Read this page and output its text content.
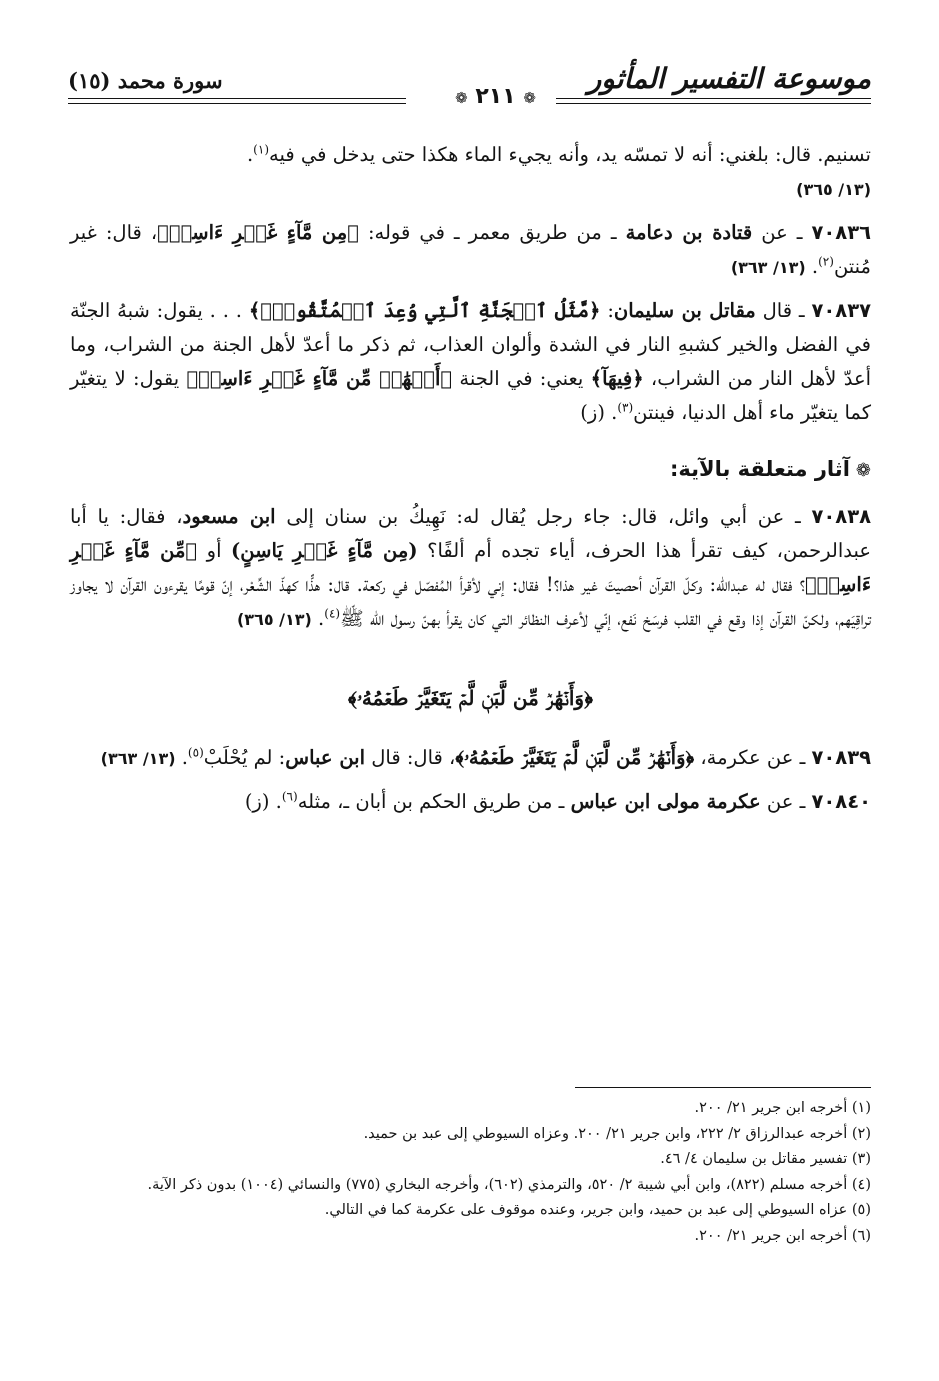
موسوعة التفسير المأثور
❁ ٢١١ ❁
سورة محمد (١٥)

تسنيم. قال: بلغني: أنه لا تمسّه يد، وأنه يجيء الماء هكذا حتى يدخل في فيه$^{(١)}$.
(١٣/ ٣٦٥)

٧٠٨٣٦ ـ عن قتادة بن دعامة ـ من طريق معمر ـ في قوله: ﴿مِن مَّآءٍ غَيۡرِ ءَاسِنٖ﴾، قال: غير مُنتن$^{(٢)}$. (١٣/ ٣٦٣)

٧٠٨٣٧ ـ قال مقاتل بن سليمان: ﴿مَّثَلُ ٱلۡجَنَّةِ ٱلَّتِي وُعِدَ ٱلۡمُتَّقُونَۖ﴾ . . . يقول: شبهُ الجنّة في الفضل والخير كشبهِ النار في الشدة وألوان العذاب، ثم ذكر ما أعدّ لأهل الجنة من الشراب، وما أعدّ لأهل النار من الشراب، ﴿فِيهَآ﴾ يعني: في الجنة ﴿أَنۡهَٰرٞ مِّن مَّآءٍ غَيۡرِ ءَاسِنٖ﴾ يقول: لا يتغيّر كما يتغيّر ماء أهل الدنيا، فينتن$^{(٣)}$. (ز)

❁آثار متعلقة بالآية:

٧٠٨٣٨ ـ عن أبي وائل، قال: جاء رجل يُقال له: نَهِيكُ بن سنان إلى ابن مسعود، فقال: يا أبا عبدالرحمن، كيف تقرأ هذا الحرف، أياء تجده أم ألفًا؟ (مِن مَّآءٍ غَيۡرِ يَاسِنٍ) أو ﴿مِّن مَّآءٍ غَيۡرِ ءَاسِنٖ﴾؟ فقال له عبدالله: وكلّ القرآن أحصيتَ غير هذا؟! فقال: إني لأقرأ المُفصّل في ركعة. قال: هذًّا كهذّ الشِّعْر، إنّ قومًا يقرءون القرآن لا يجاوز تراقِيَهم، ولكنّ القرآن إذا وقع في القلب فرسَخ نَفع، إنّي لأعرف النظائر التي كان يقرأ بهنّ رسول الله ﷺ$^{(٤)}$. (١٣/ ٣٦٥)

﴿وَأَنۡهَٰرٞ مِّن لَّبَنٖ لَّمۡ يَتَغَيَّرۡ طَعۡمُهُۥ﴾

٧٠٨٣٩ ـ عن عكرمة، ﴿وَأَنۡهَٰرٞ مِّن لَّبَنٖ لَّمۡ يَتَغَيَّرۡ طَعۡمُهُۥ﴾، قال: قال ابن عباس: لم يُحْلَبْ$^{(٥)}$. (١٣/ ٣٦٣)

٧٠٨٤٠ ـ عن عكرمة مولى ابن عباس ـ من طريق الحكم بن أبان ـ، مثله$^{(٦)}$. (ز)

(١) أخرجه ابن جرير ٢١/ ٢٠٠.

(٢) أخرجه عبدالرزاق ٢/ ٢٢٢، وابن جرير ٢١/ ٢٠٠. وعزاه السيوطي إلى عبد بن حميد.

(٣) تفسير مقاتل بن سليمان ٤/ ٤٦.

(٤) أخرجه مسلم (٨٢٢)، وابن أبي شيبة ٢/ ٥٢٠، والترمذي (٦٠٢)، وأخرجه البخاري (٧٧٥) والنسائي (١٠٠٤) بدون ذكر الآية.

(٥) عزاه السيوطي إلى عبد بن حميد، وابن جرير، وعنده موقوف على عكرمة كما في التالي.

(٦) أخرجه ابن جرير ٢١/ ٢٠٠.
